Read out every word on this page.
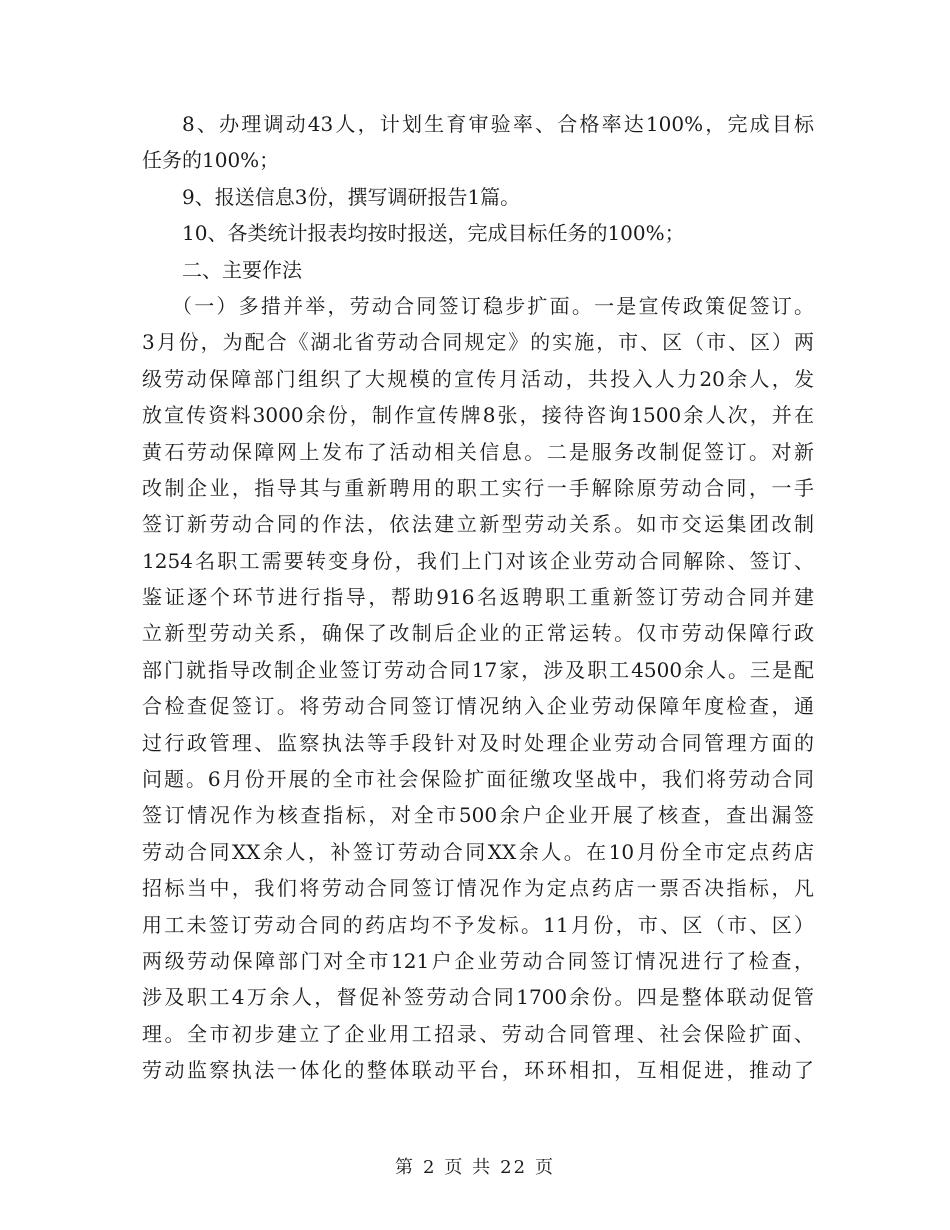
8、办理调动43人，计划生育审验率、合格率达100%，完成目标
任务的100%；
9、报送信息3份，撰写调研报告1篇。
10、各类统计报表均按时报送，完成目标任务的100%；
二、主要作法
（一）多措并举，劳动合同签订稳步扩面。一是宣传政策促签订。
3月份，为配合《湖北省劳动合同规定》的实施，市、区（市、区）两
级劳动保障部门组织了大规模的宣传月活动，共投入人力20余人，发
放宣传资料3000余份，制作宣传牌8张，接待咨询1500余人次，并在
黄石劳动保障网上发布了活动相关信息。二是服务改制促签订。对新
改制企业，指导其与重新聘用的职工实行一手解除原劳动合同，一手
签订新劳动合同的作法，依法建立新型劳动关系。如市交运集团改制
1254名职工需要转变身份，我们上门对该企业劳动合同解除、签订、
鉴证逐个环节进行指导，帮助916名返聘职工重新签订劳动合同并建
立新型劳动关系，确保了改制后企业的正常运转。仅市劳动保障行政
部门就指导改制企业签订劳动合同17家，涉及职工4500余人。三是配
合检查促签订。将劳动合同签订情况纳入企业劳动保障年度检查，通
过行政管理、监察执法等手段针对及时处理企业劳动合同管理方面的
问题。6月份开展的全市社会保险扩面征缴攻坚战中，我们将劳动合同
签订情况作为核查指标，对全市500余户企业开展了核查，查出漏签
劳动合同XX余人，补签订劳动合同XX余人。在10月份全市定点药店
招标当中，我们将劳动合同签订情况作为定点药店一票否决指标，凡
用工未签订劳动合同的药店均不予发标。11月份，市、区（市、区）
两级劳动保障部门对全市121户企业劳动合同签订情况进行了检查，
涉及职工4万余人，督促补签劳动合同1700余份。四是整体联动促管
理。全市初步建立了企业用工招录、劳动合同管理、社会保险扩面、
劳动监察执法一体化的整体联动平台，环环相扣，互相促进，推动了
第 2 页 共 22 页
